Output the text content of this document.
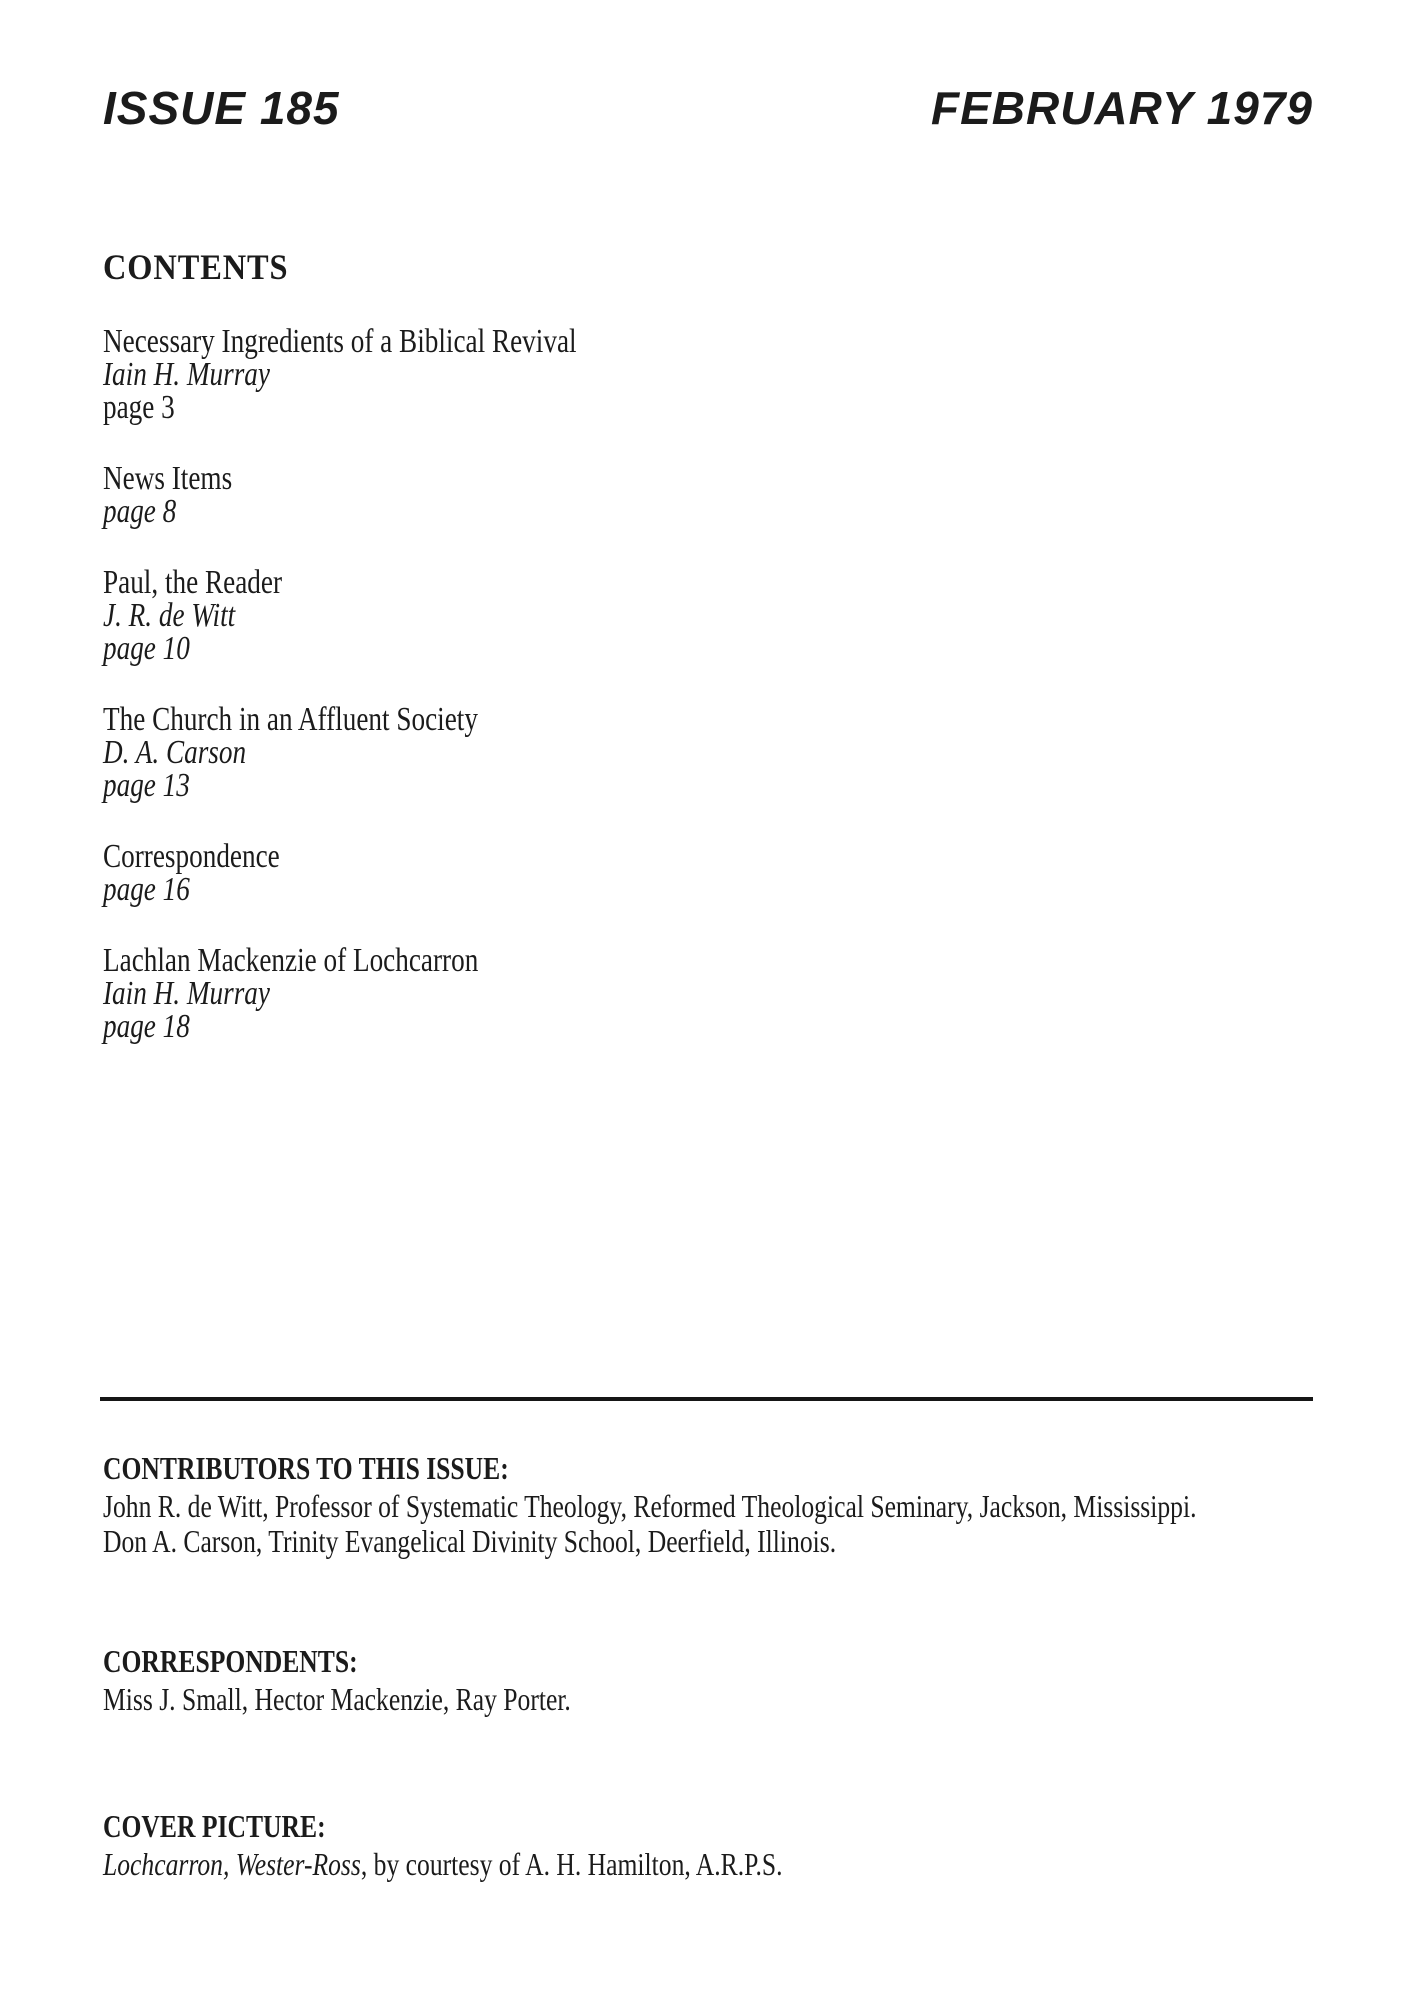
ISSUE 185	FEBRUARY 1979
CONTENTS
Necessary Ingredients of a Biblical Revival
Iain H. Murray
page 3
News Items
page 8
Paul, the Reader
J. R. de Witt
page 10
The Church in an Affluent Society
D. A. Carson
page 13
Correspondence
page 16
Lachlan Mackenzie of Lochcarron
Iain H. Murray
page 18
CONTRIBUTORS TO THIS ISSUE:
John R. de Witt, Professor of Systematic Theology, Reformed Theological Seminary, Jackson, Mississippi.
Don A. Carson, Trinity Evangelical Divinity School, Deerfield, Illinois.
CORRESPONDENTS:
Miss J. Small, Hector Mackenzie, Ray Porter.
COVER PICTURE:
Lochcarron, Wester-Ross, by courtesy of A. H. Hamilton, A.R.P.S.
